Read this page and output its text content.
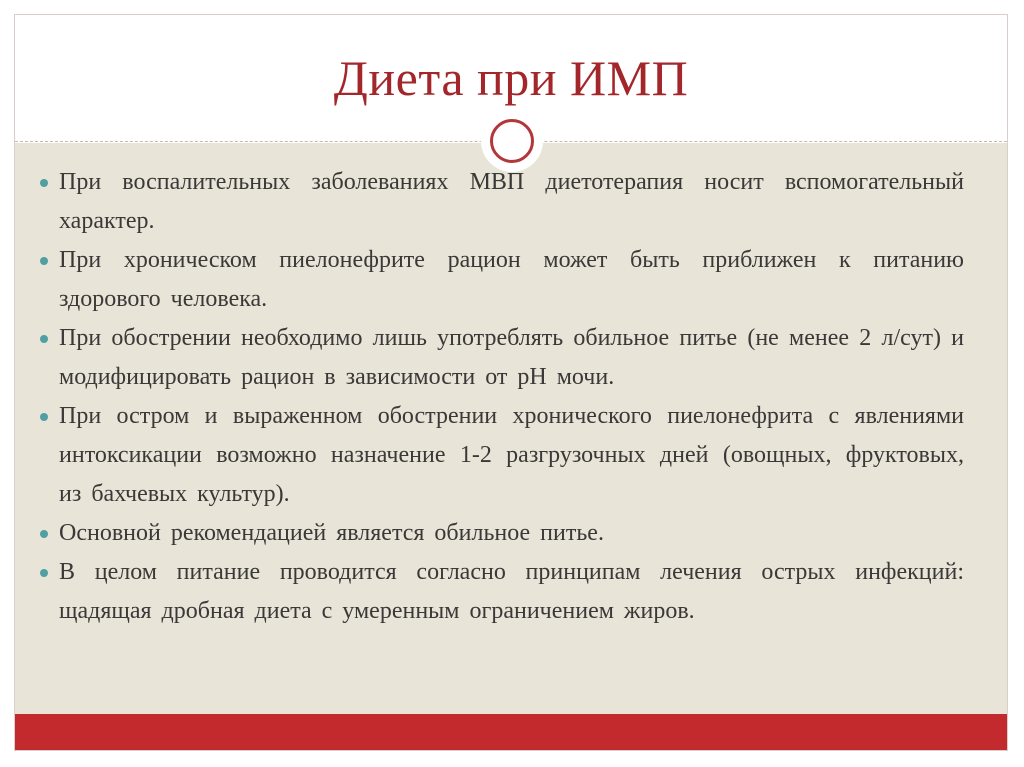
Диета при ИМП
При воспалительных заболеваниях МВП диетотерапия носит вспомогательный характер.
При хроническом пиелонефрите рацион может быть приближен к питанию здорового человека.
При обострении необходимо лишь употреблять обильное питье (не менее 2 л/сут) и модифицировать рацион в зависимости от pH мочи.
При остром и выраженном обострении хронического пиелонефрита с явлениями интоксикации возможно назначение 1-2 разгрузочных дней (овощных, фруктовых, из бахчевых культур).
Основной рекомендацией является обильное питье.
В целом питание проводится согласно принципам лечения острых инфекций: щадящая дробная диета с умеренным ограничением жиров.
